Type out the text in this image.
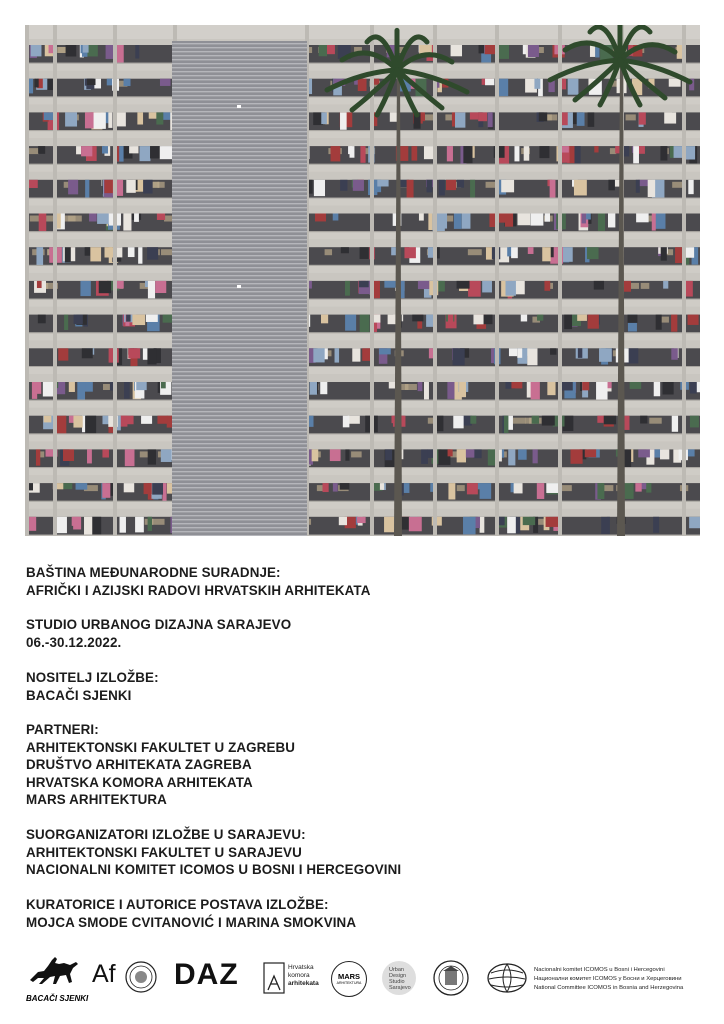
BAŠTINA MEĐUNARODNE SURADNJE:
AFRIČKI I AZIJSKI RADOVI HRVATSKIH ARHITEKATA
STUDIO URBANOG DIZAJNA SARAJEVO
06.-30.12.2022.
NOSITELJ IZLOŽBE:
BACAČI SJENKI
PARTNERI:
ARHITEKTONSKI FAKULTET U ZAGREBU
DRUŠTVO ARHITEKATA ZAGREBA
HRVATSKA KOMORA ARHITEKATA
MARS ARHITEKTURA
SUORGANIZATORI IZLOŽBE U SARAJEVU:
ARHITEKTONSKI FAKULTET U SARAJEVU
NACIONALNI KOMITET ICOMOS U BOSNI I HERCEGOVINI
KURATORICE I AUTORICE POSTAVA IZLOŽBE:
MOJCA SMODE CVITANOVIĆ I MARINA SMOKVINA
BACAČI SJENKI
Af DAZ	Hrvatska
komora
arhitekata
MARS
ARHITEKTURA
Urban
Design
Studio
Sarajevo
Nacionalni komitet ICOMOS u Bosni i Hercegovini
Национални комитет ICOMOS у Босни и Херцеговини
National Committee ICOMOS in Bosnia and Herzegovina
